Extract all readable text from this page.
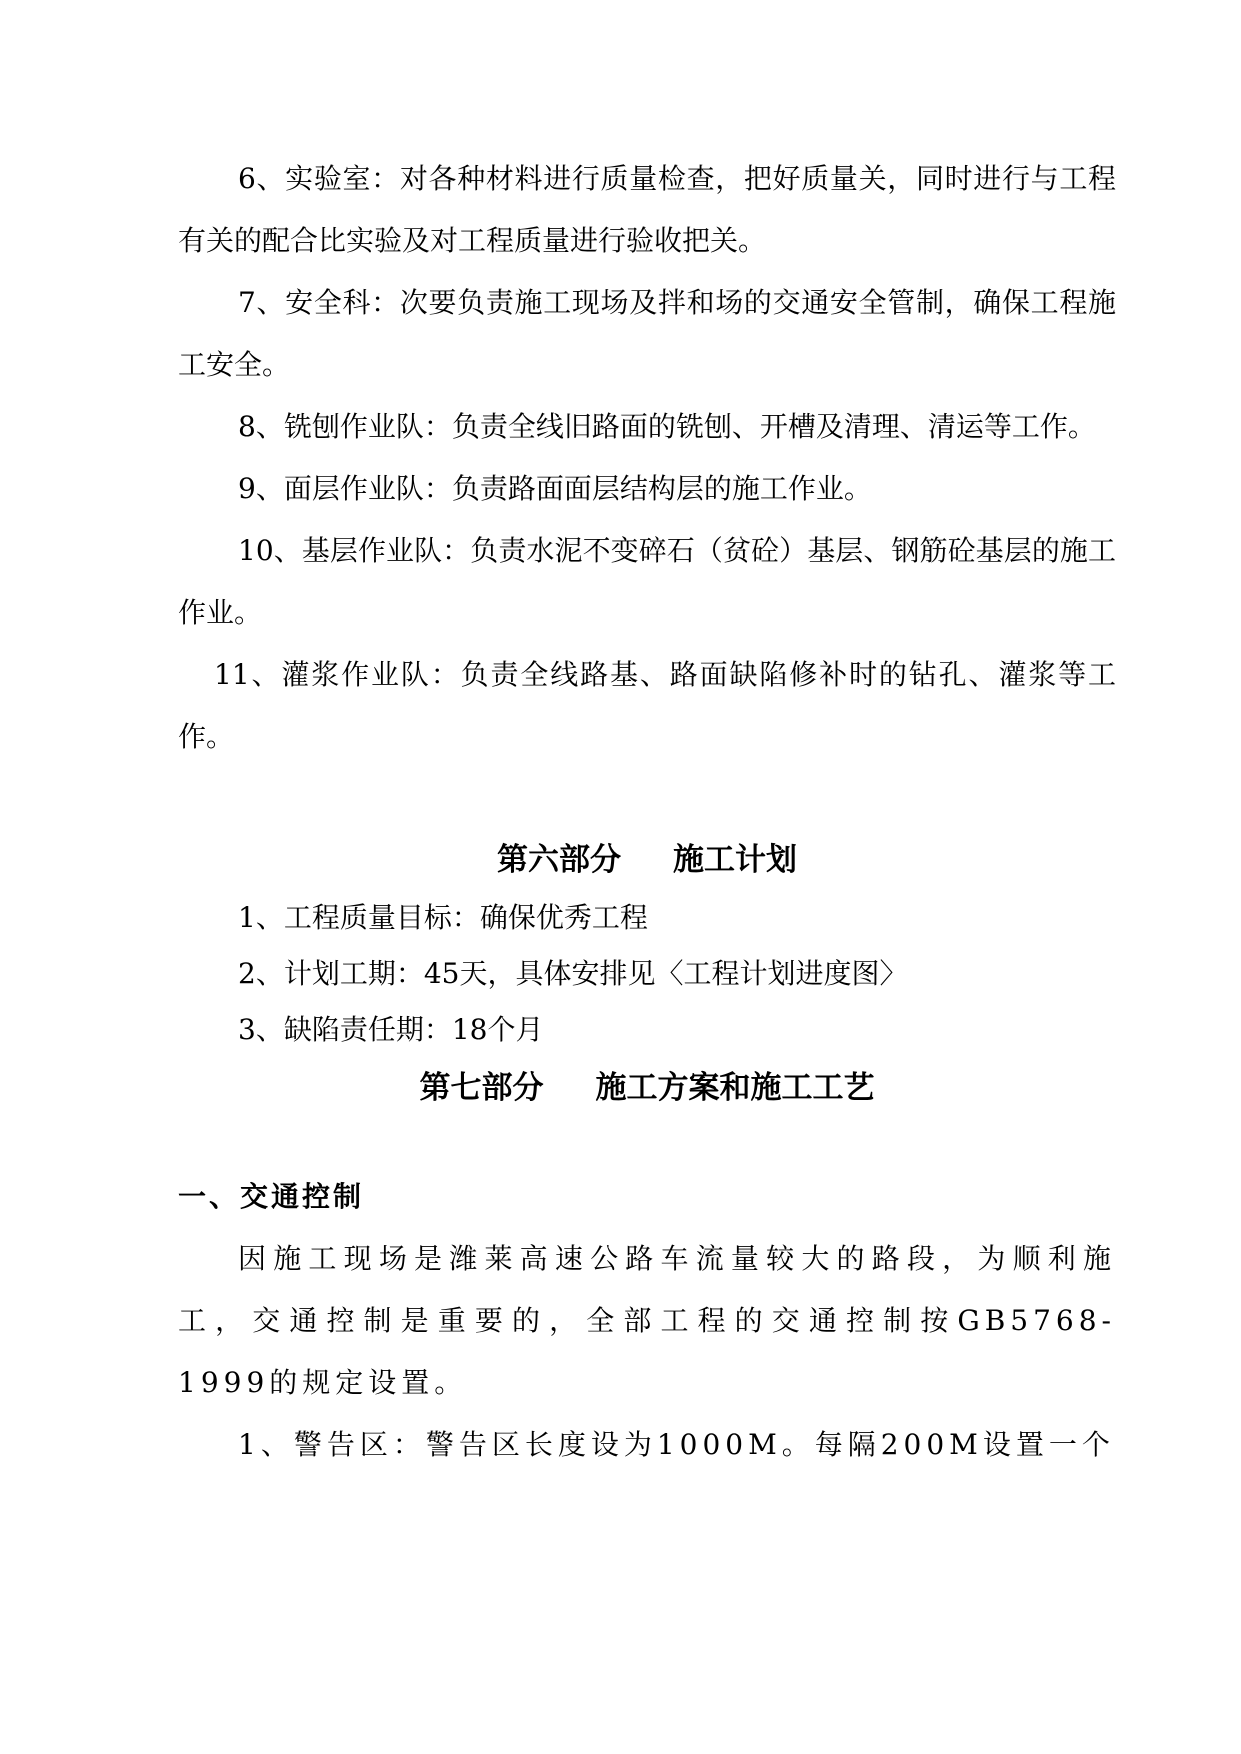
6、实验室：对各种材料进行质量检查，把好质量关，同时进行与工程有关的配合比实验及对工程质量进行验收把关。

7、安全科：次要负责施工现场及拌和场的交通安全管制，确保工程施工安全。

8、铣刨作业队：负责全线旧路面的铣刨、开槽及清理、清运等工作。

9、面层作业队：负责路面面层结构层的施工作业。

10、基层作业队：负责水泥不变碎石（贫砼）基层、钢筋砼基层的施工作业。

11、灌浆作业队：负责全线路基、路面缺陷修补时的钻孔、灌浆等工作。

第六部分 施工计划

1、工程质量目标：确保优秀工程

2、计划工期：45天，具体安排见〈工程计划进度图〉

3、缺陷责任期：18个月

第七部分 施工方案和施工工艺
一、交通控制

因施工现场是潍莱高速公路车流量较大的路段，为顺利施工，交通控制是重要的，全部工程的交通控制按GB5768-1999的规定设置。

1、警告区：警告区长度设为1000M。每隔200M设置一个
